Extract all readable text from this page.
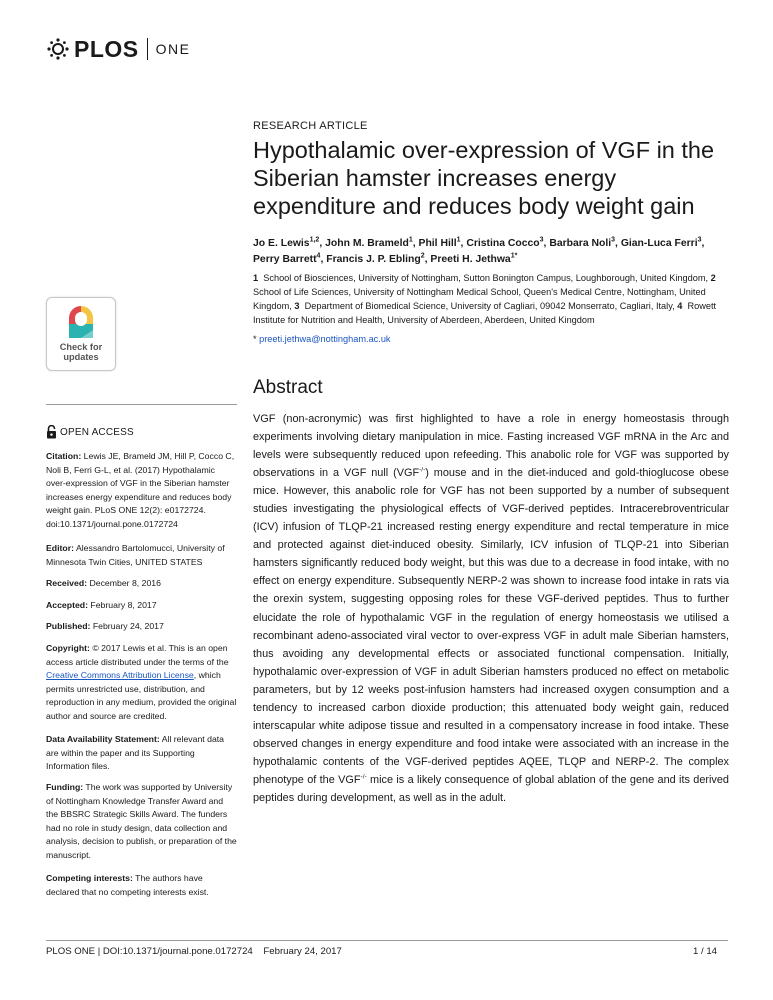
PLOS ONE
RESEARCH ARTICLE
Hypothalamic over-expression of VGF in the Siberian hamster increases energy expenditure and reduces body weight gain
Jo E. Lewis$^{1,2}$, John M. Brameld$^1$, Phil Hill$^1$, Cristina Cocco$^3$, Barbara Noli$^3$, Gian-Luca Ferri$^3$, Perry Barrett$^4$, Francis J. P. Ebling$^2$, Preeti H. Jethwa$^{1*}$
1 School of Biosciences, University of Nottingham, Sutton Bonington Campus, Loughborough, United Kingdom, 2  School of Life Sciences, University of Nottingham Medical School, Queen's Medical Centre, Nottingham, United Kingdom, 3 Department of Biomedical Science, University of Cagliari, 09042 Monserrato, Cagliari, Italy, 4 Rowett Institute for Nutrition and Health, University of Aberdeen, Aberdeen, United Kingdom
* preeti.jethwa@nottingham.ac.uk
Abstract
VGF (non-acronymic) was first highlighted to have a role in energy homeostasis through experiments involving dietary manipulation in mice. Fasting increased VGF mRNA in the Arc and levels were subsequently reduced upon refeeding. This anabolic role for VGF was supported by observations in a VGF null (VGF-/-) mouse and in the diet-induced and gold-thioglucose obese mice. However, this anabolic role for VGF has not been supported by a number of subsequent studies investigating the physiological effects of VGF-derived peptides. Intracerebroventricular (ICV) infusion of TLQP-21 increased resting energy expenditure and rectal temperature in mice and protected against diet-induced obesity. Similarly, ICV infusion of TLQP-21 into Siberian hamsters significantly reduced body weight, but this was due to a decrease in food intake, with no effect on energy expenditure. Subsequently NERP-2 was shown to increase food intake in rats via the orexin system, suggesting opposing roles for these VGF-derived peptides. Thus to further elucidate the role of hypothalamic VGF in the regulation of energy homeostasis we utilised a recombinant adeno-associated viral vector to over-express VGF in adult male Siberian hamsters, thus avoiding any developmental effects or associated functional compensation. Initially, hypothalamic over-expression of VGF in adult Siberian hamsters produced no effect on metabolic parameters, but by 12 weeks post-infusion hamsters had increased oxygen consumption and a tendency to increased carbon dioxide production; this attenuated body weight gain, reduced interscapular white adipose tissue and resulted in a compensatory increase in food intake. These observed changes in energy expenditure and food intake were associated with an increase in the hypothalamic contents of the VGF-derived peptides AQEE, TLQP and NERP-2. The complex phenotype of the VGF-/- mice is a likely consequence of global ablation of the gene and its derived peptides during development, as well as in the adult.
Check for
updates
OPEN ACCESS
Citation: Lewis JE, Brameld JM, Hill P, Cocco C, Noli B, Ferri G-L, et al. (2017) Hypothalamic over-expression of VGF in the Siberian hamster increases energy expenditure and reduces body weight gain. PLoS ONE 12(2): e0172724. doi:10.1371/journal.pone.0172724
Editor: Alessandro Bartolomucci, University of Minnesota Twin Cities, UNITED STATES
Received: December 8, 2016
Accepted: February 8, 2017
Published: February 24, 2017
Copyright: © 2017 Lewis et al. This is an open access article distributed under the terms of the Creative Commons Attribution License, which permits unrestricted use, distribution, and reproduction in any medium, provided the original author and source are credited.
Data Availability Statement: All relevant data are within the paper and its Supporting Information files.
Funding: The work was supported by University of Nottingham Knowledge Transfer Award and the BBSRC Strategic Skills Award. The funders had no role in study design, data collection and analysis, decision to publish, or preparation of the manuscript.
Competing interests: The authors have declared that no competing interests exist.
PLOS ONE | DOI:10.1371/journal.pone.0172724    February 24, 2017	1 / 14
